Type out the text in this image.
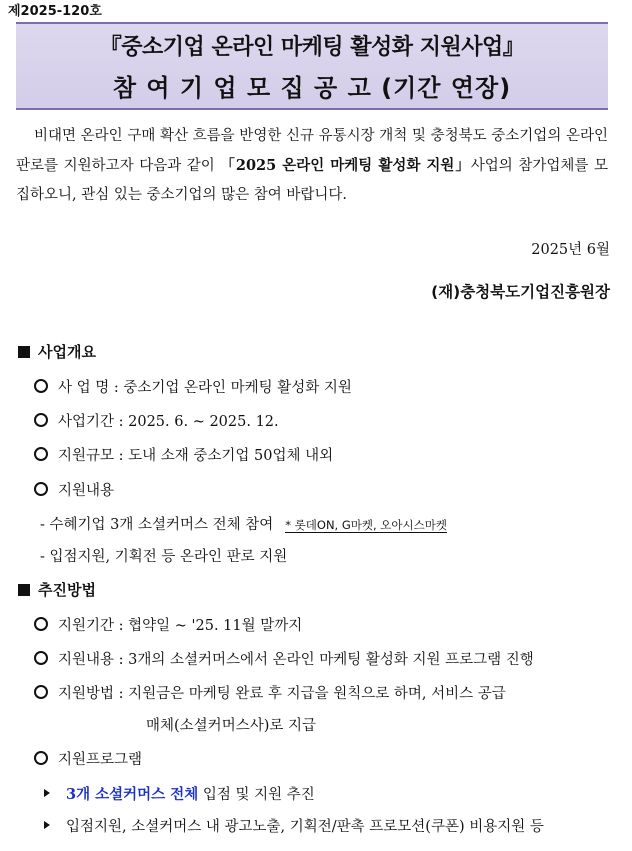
제2025-120호
『중소기업 온라인 마케팅 활성화 지원사업』
참 여 기 업 모 집 공 고 (기간 연장)
비대면 온라인 구매 확산 흐름을 반영한 신규 유통시장 개척 및 충청북도 중소기업의 온라인 판로를 지원하고자 다음과 같이 「2025 온라인 마케팅 활성화 지원」사업의 참가업체를 모집하오니, 관심 있는 중소기업의 많은 참여 바랍니다.
2025년 6월
(재)충청북도기업진흥원장
사업개요
사 업 명 : 중소기업 온라인 마케팅 활성화 지원
사업기간 : 2025. 6. ~ 2025. 12.
지원규모 : 도내 소재 중소기업 50업체 내외
지원내용
- 수혜기업 3개 소셜커머스 전체 참여 * 롯데ON, G마켓, 오아시스마켓
- 입점지원, 기획전 등 온라인 판로 지원
추진방법
지원기간 : 협약일 ~ '25. 11월 말까지
지원내용 : 3개의 소셜커머스에서 온라인 마케팅 활성화 지원 프로그램 진행
지원방법 : 지원금은 마케팅 완료 후 지급을 원칙으로 하며, 서비스 공급
매체(소셜커머스사)로 지급
지원프로그램
3개 소셜커머스 전체 입점 및 지원 추진
입점지원, 소셜커머스 내 광고노출, 기획전/판촉 프로모션(쿠폰) 비용지원 등
